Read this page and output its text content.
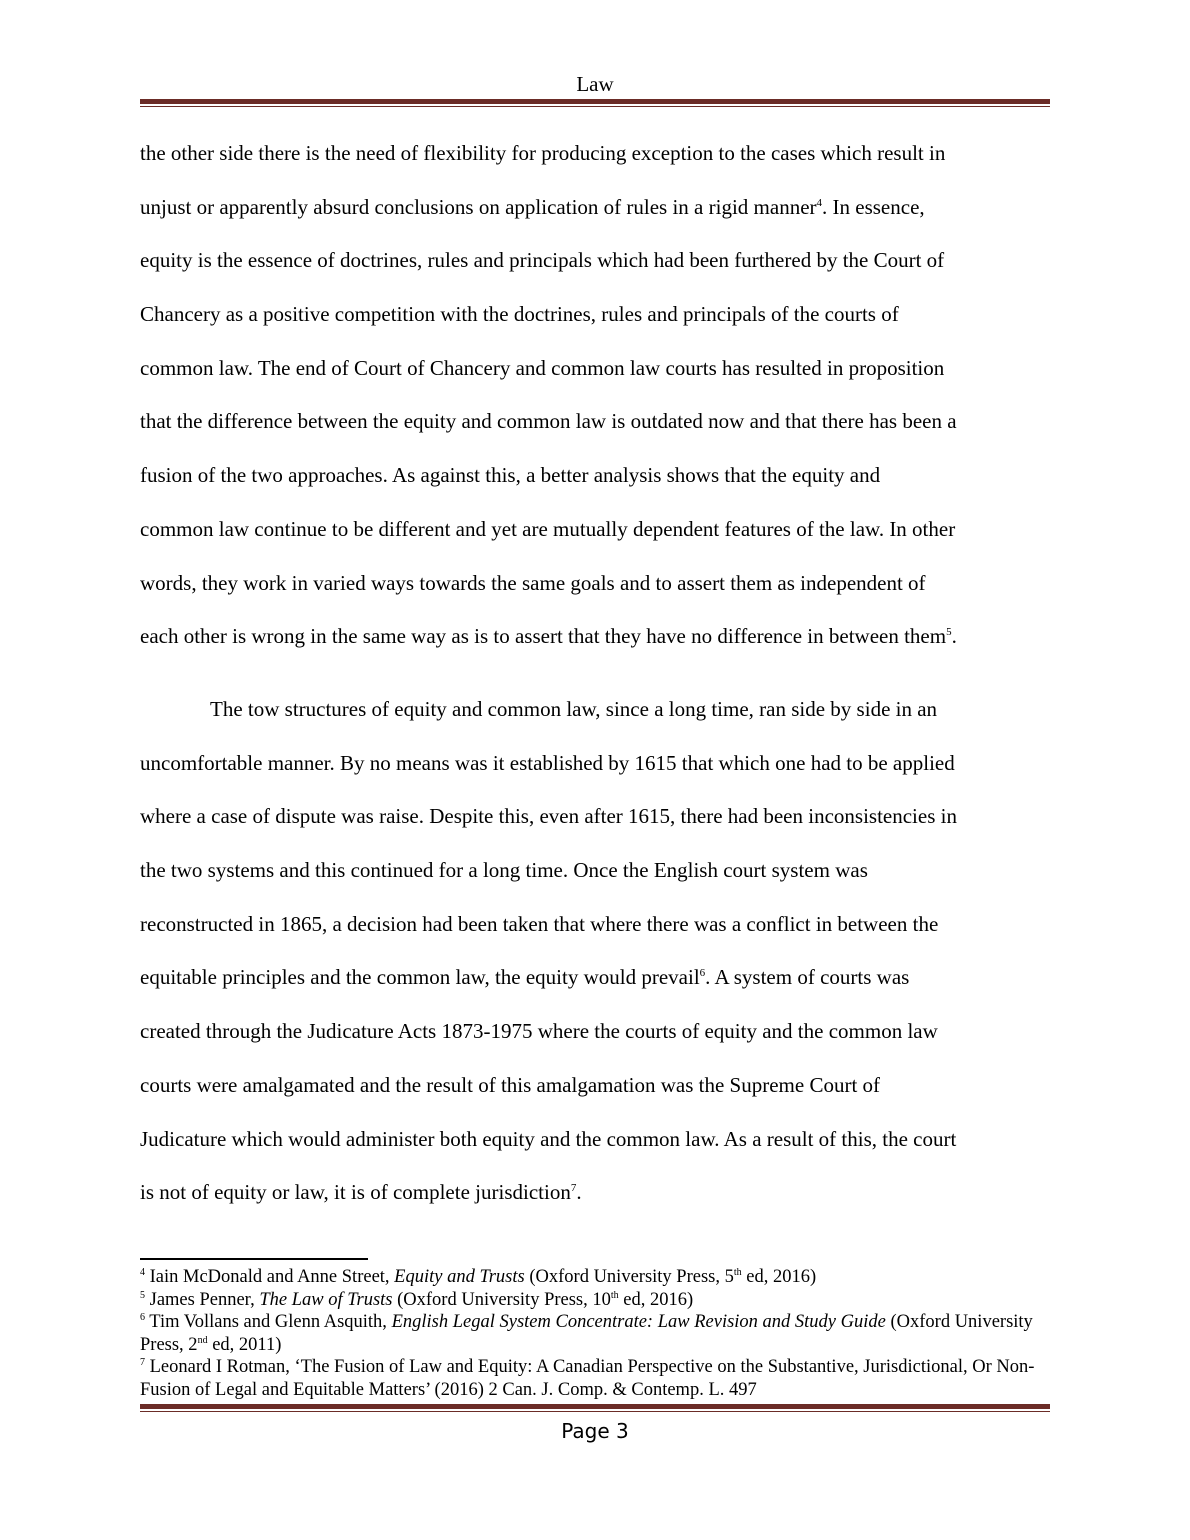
Law
the other side there is the need of flexibility for producing exception to the cases which result in
unjust or apparently absurd conclusions on application of rules in a rigid manner$^4$. In essence,
equity is the essence of doctrines, rules and principals which had been furthered by the Court of
Chancery as a positive competition with the doctrines, rules and principals of the courts of
common law. The end of Court of Chancery and common law courts has resulted in proposition
that the difference between the equity and common law is outdated now and that there has been a
fusion of the two approaches. As against this, a better analysis shows that the equity and
common law continue to be different and yet are mutually dependent features of the law. In other
words, they work in varied ways towards the same goals and to assert them as independent of
each other is wrong in the same way as is to assert that they have no difference in between them$^5$.
The tow structures of equity and common law, since a long time, ran side by side in an
uncomfortable manner. By no means was it established by 1615 that which one had to be applied
where a case of dispute was raise. Despite this, even after 1615, there had been inconsistencies in
the two systems and this continued for a long time. Once the English court system was
reconstructed in 1865, a decision had been taken that where there was a conflict in between the
equitable principles and the common law, the equity would prevail$^6$. A system of courts was
created through the Judicature Acts 1873-1975 where the courts of equity and the common law
courts were amalgamated and the result of this amalgamation was the Supreme Court of
Judicature which would administer both equity and the common law. As a result of this, the court
is not of equity or law, it is of complete jurisdiction$^7$.

$^4$ Iain McDonald and Anne Street, Equity and Trusts (Oxford University Press, 5th ed, 2016)

$^5$ James Penner, The Law of Trusts (Oxford University Press, 10th ed, 2016)

$^6$ Tim Vollans and Glenn Asquith, English Legal System Concentrate: Law Revision and Study Guide (Oxford University Press, 2nd ed, 2011)

$^7$ Leonard I Rotman, ‘The Fusion of Law and Equity: A Canadian Perspective on the Substantive, Jurisdictional, Or Non-Fusion of Legal and Equitable Matters’ (2016) 2 Can. J. Comp. & Contemp. L. 497

Page 3
